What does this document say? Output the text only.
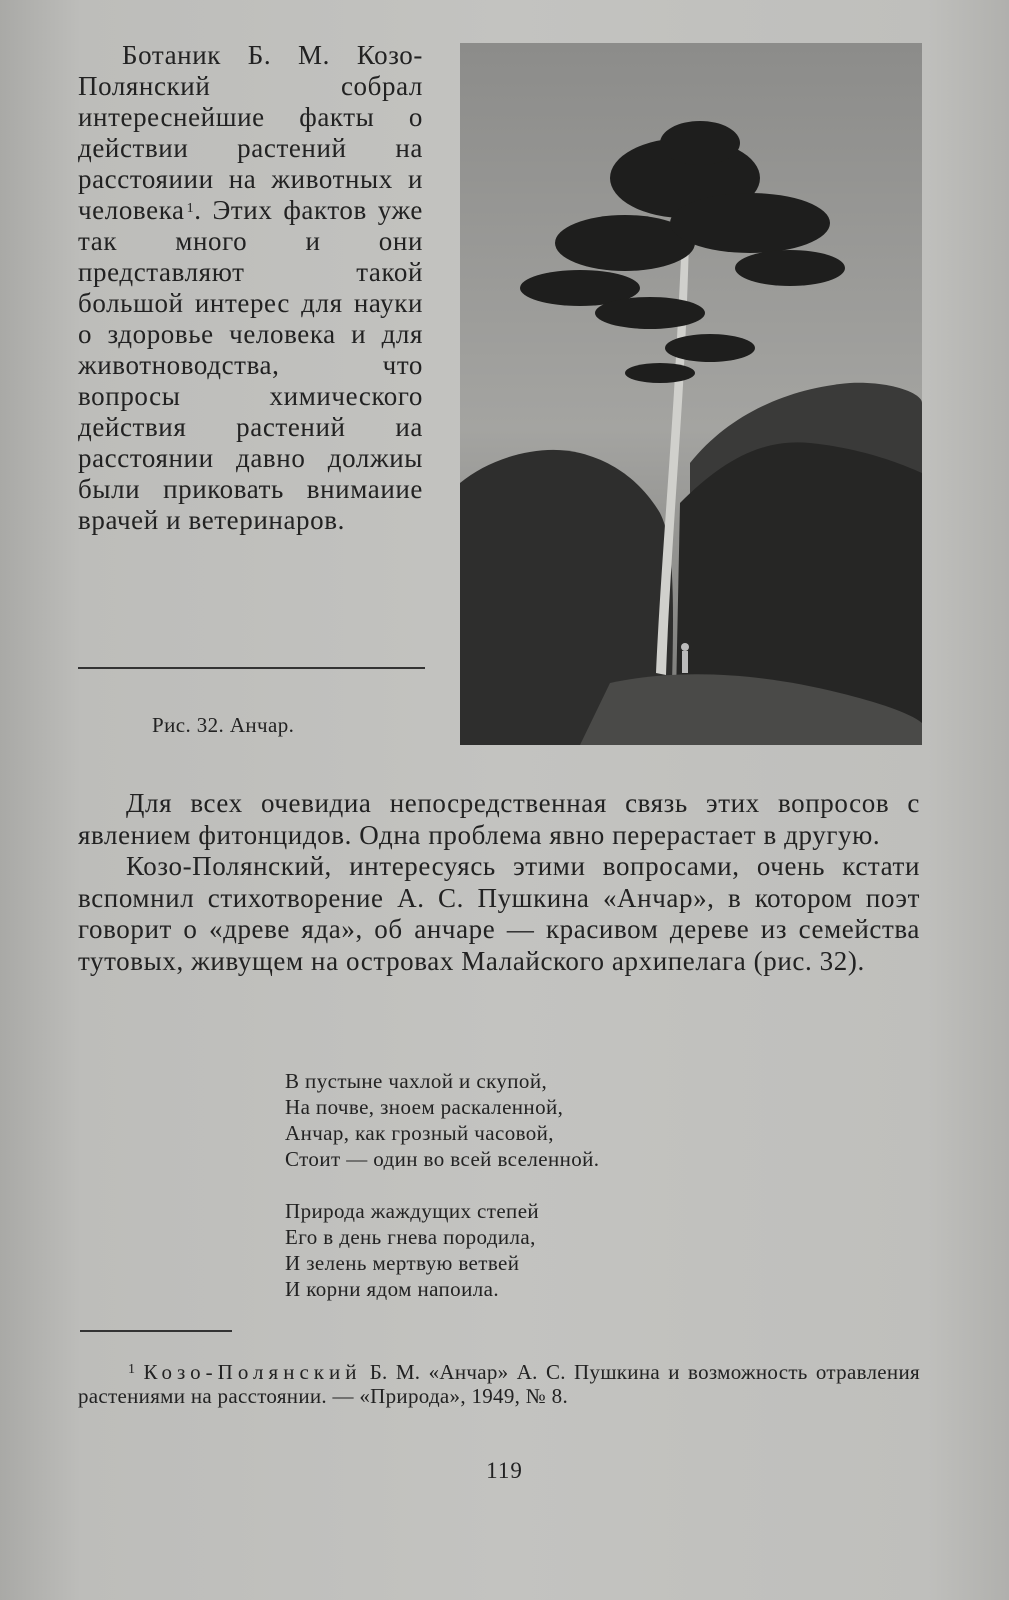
Ботаник Б. М. Козо-Полянский собрал интереснейшие факты о действии растений на расстояиии на животных и человека $^1$. Этих фактов уже так много и они представляют такой большой интерес для науки о здоровье человека и для животноводства, что вопросы химического действия растений иа расстоянии давно должиы были приковать внимаиие врачей и ветеринаров.

Рис. 32. Анчар.

Для всех очевидиа непосредственная связь этих вопросов с явлением фитонцидов. Одна проблема явно перерастает в другую.

Козо-Полянский, интересуясь этими вопросами, очень кстати вспомнил стихотворение А. С. Пушкина «Анчар», в котором поэт говорит о «древе яда», об анчаре — красивом дереве из семейства тутовых, живущем на островах Малайского архипелага (рис. 32).

В пустыне чахлой и скупой,
На почве, зноем раскаленной,
Анчар, как грозный часовой,
Стоит — один во всей вселенной.
Природа жаждущих степей
Его в день гнева породила,
И зелень мертвую ветвей
И корни ядом напоила.

$^1$ Козо-Полянский Б. М. «Анчар» А. С. Пушкина и возможность отравления растениями на расстоянии. — «Природа», 1949, № 8.

119
